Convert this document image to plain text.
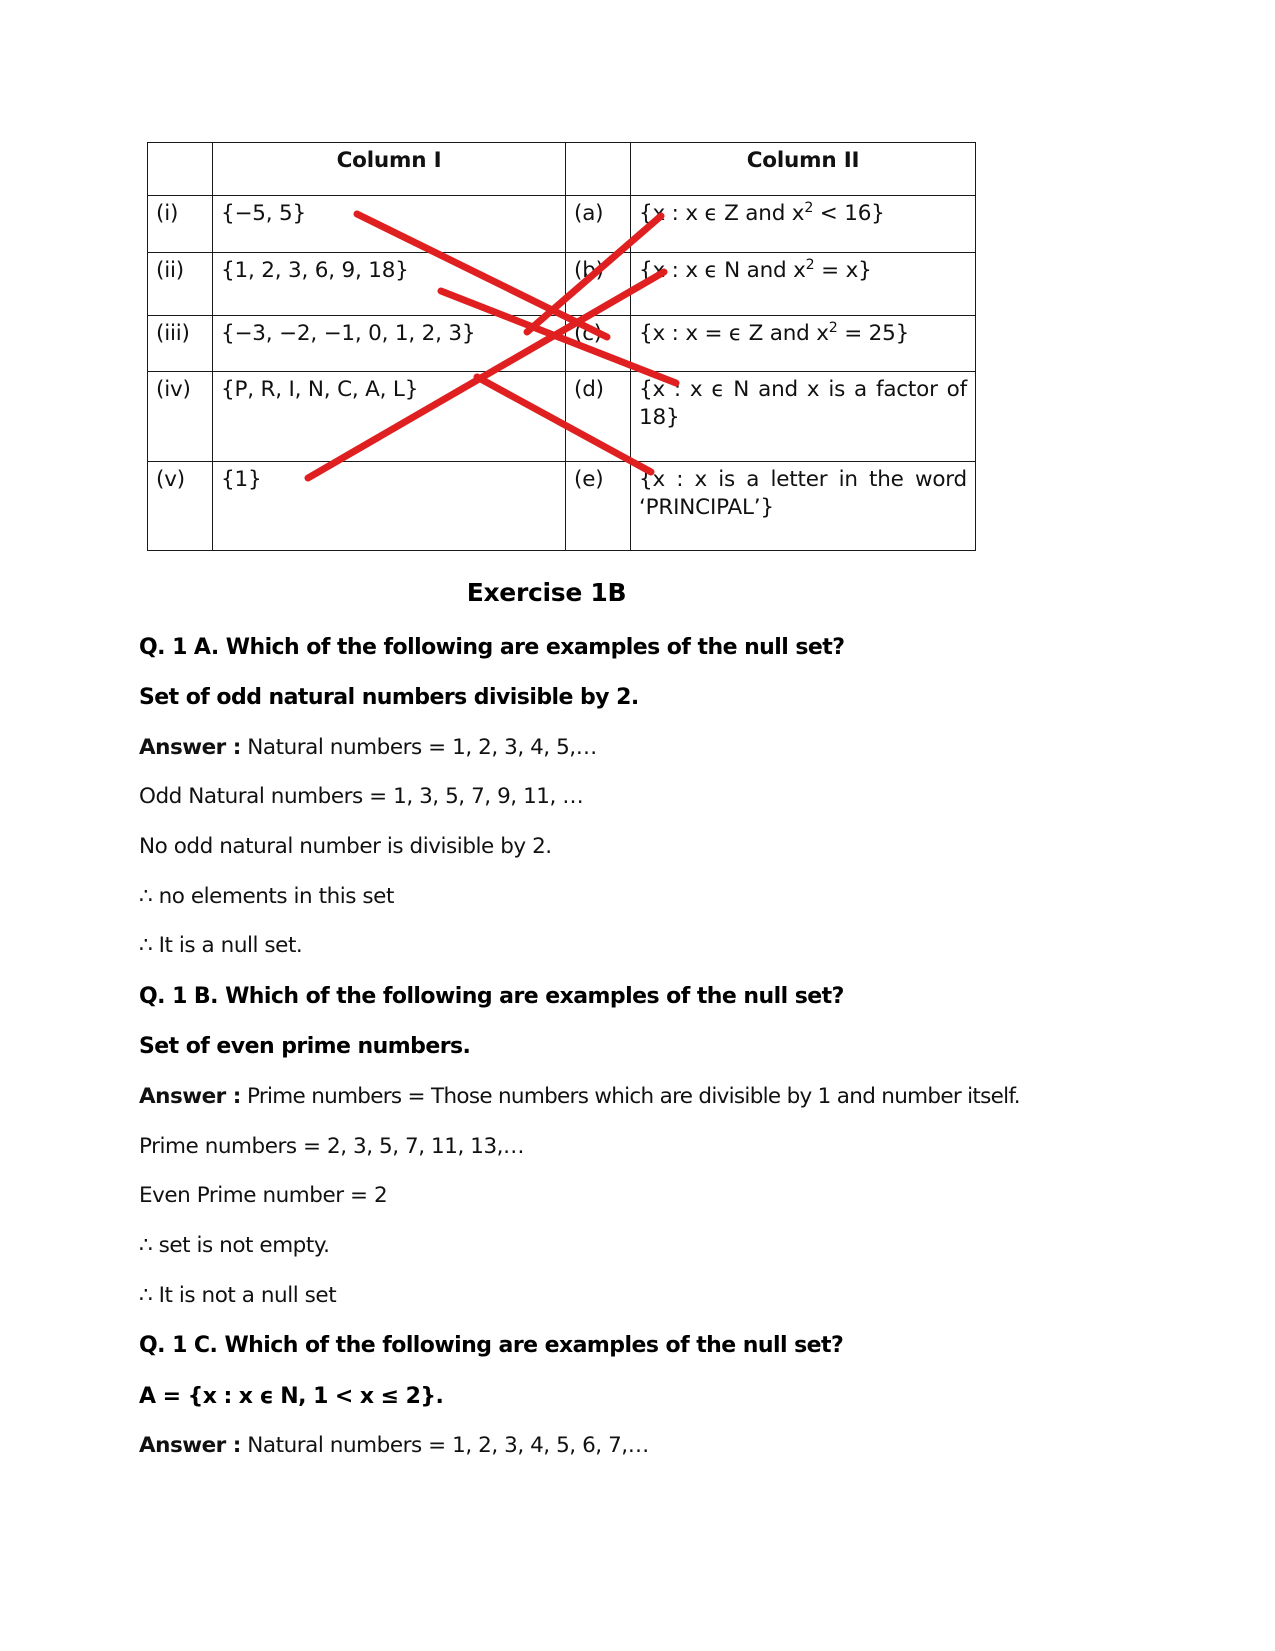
	Column I		Column II
(i)	{−5, 5}	(a)	{x : x ϵ Z and $x^2 < 16$}
(ii)	{1, 2, 3, 6, 9, 18}	(b)	{x : x ϵ N and $x^2 = x$}
(iii)	{−3, −2, −1, 0, 1, 2, 3}	(c)	{x : x = ϵ Z and $x^2 = 25$}
(iv)	{P, R, I, N, C, A, L}	(d)	{x : x ϵ N and x is a factor of 18}
(v)	{1}	(e)	{x : x is a letter in the word ‘PRINCIPAL’}
Exercise 1B
Q. 1 A. Which of the following are examples of the null set?
Set of odd natural numbers divisible by 2.
Answer : Natural numbers = 1, 2, 3, 4, 5,…
Odd Natural numbers = 1, 3, 5, 7, 9, 11, …
No odd natural number is divisible by 2.
∴ no elements in this set
∴ It is a null set.
Q. 1 B. Which of the following are examples of the null set?
Set of even prime numbers.
Answer : Prime numbers = Those numbers which are divisible by 1 and number itself.
Prime numbers = 2, 3, 5, 7, 11, 13,…
Even Prime number = 2
∴ set is not empty.
∴ It is not a null set
Q. 1 C. Which of the following are examples of the null set?
A = {x : x ϵ N, 1 < x ≤ 2}.
Answer : Natural numbers = 1, 2, 3, 4, 5, 6, 7,…
